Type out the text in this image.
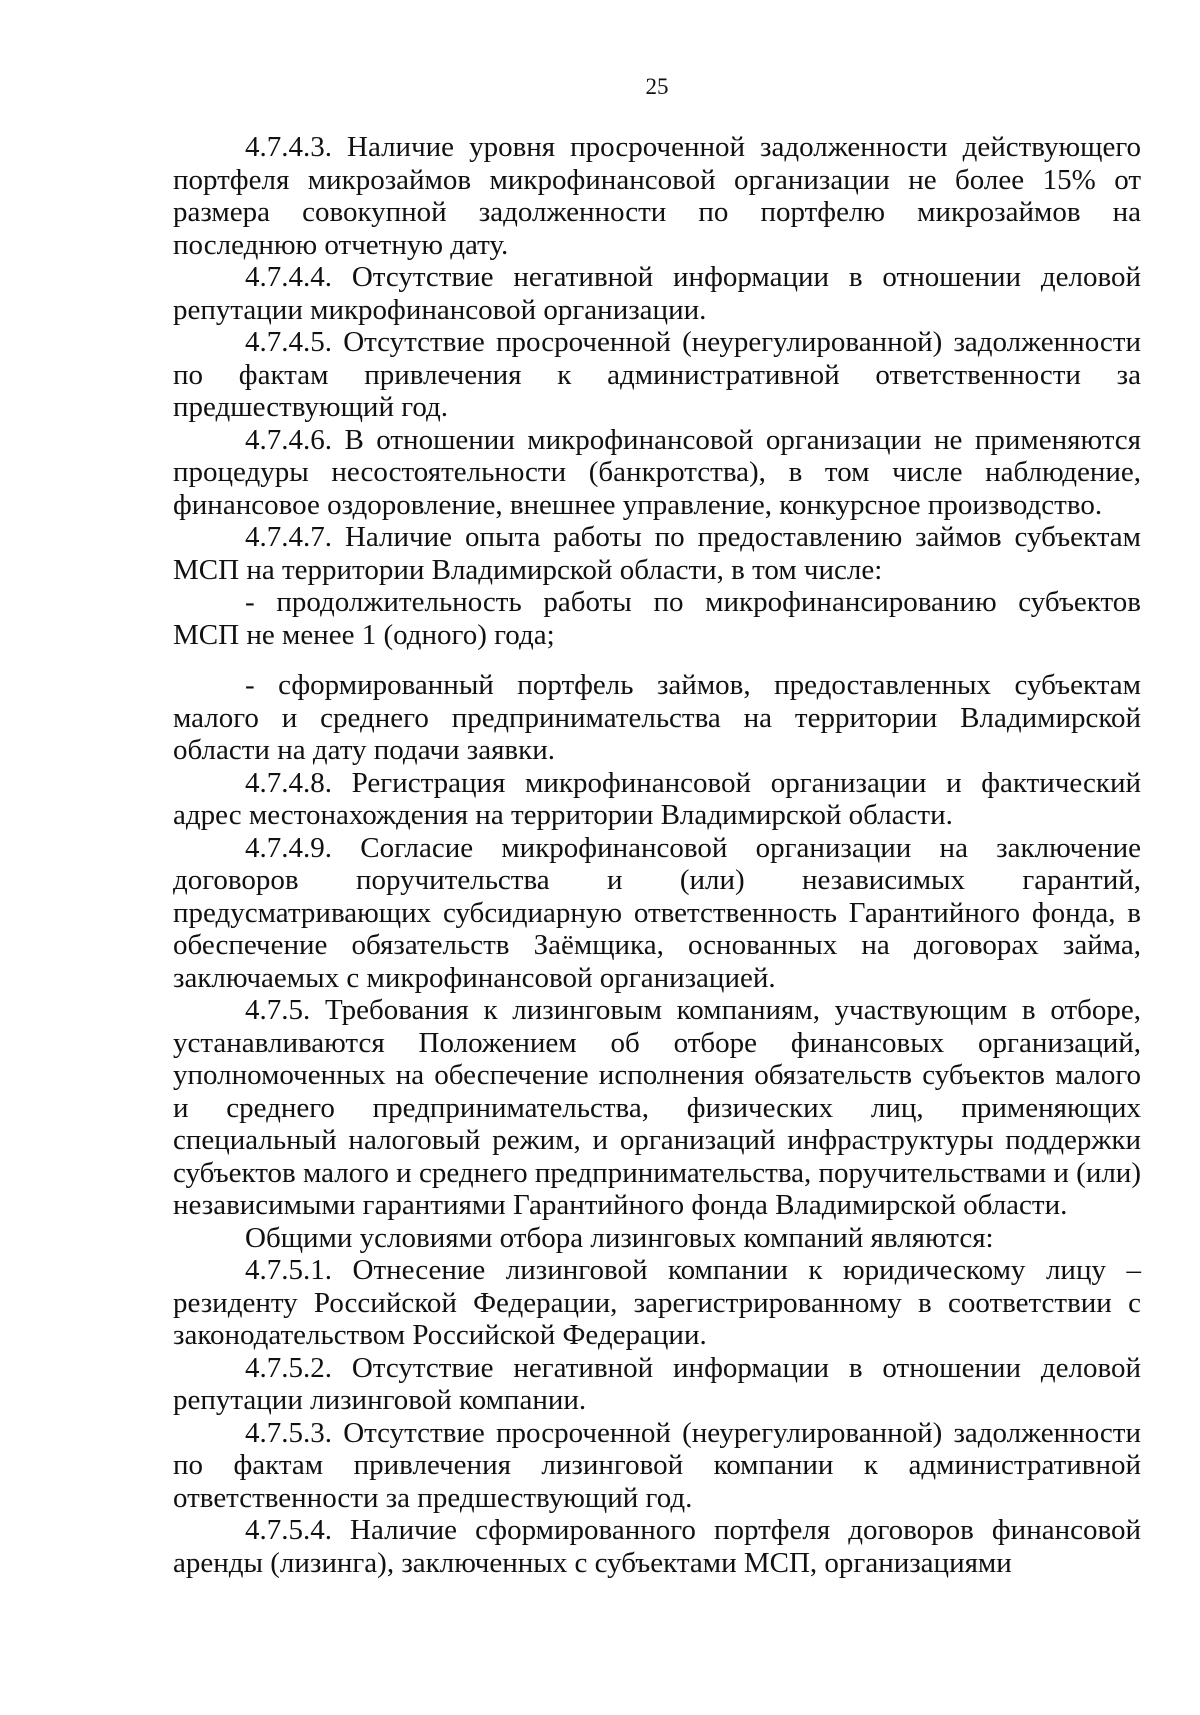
25

4.7.4.3. Наличие уровня просроченной задолженности действующего портфеля микрозаймов микрофинансовой организации не более 15% от размера совокупной задолженности по портфелю микрозаймов на последнюю отчетную дату.

4.7.4.4. Отсутствие негативной информации в отношении деловой репутации микрофинансовой организации.

4.7.4.5. Отсутствие просроченной (неурегулированной) задолженности по фактам привлечения к административной ответственности за предшествующий год.

4.7.4.6. В отношении микрофинансовой организации не применяются процедуры несостоятельности (банкротства), в том числе наблюдение, финансовое оздоровление, внешнее управление, конкурсное производство.

4.7.4.7. Наличие опыта работы по предоставлению займов субъектам МСП на территории Владимирской области, в том числе:

- продолжительность работы по микрофинансированию субъектов МСП не менее 1 (одного) года;

- сформированный портфель займов, предоставленных субъектам малого и среднего предпринимательства на территории Владимирской области на дату подачи заявки.

4.7.4.8. Регистрация микрофинансовой организации и фактический адрес местонахождения на территории Владимирской области.

4.7.4.9. Согласие микрофинансовой организации на заключение договоров поручительства и (или) независимых гарантий, предусматривающих субсидиарную ответственность Гарантийного фонда, в обеспечение обязательств Заёмщика, основанных на договорах займа, заключаемых с микрофинансовой организацией.

4.7.5. Требования к лизинговым компаниям, участвующим в отборе, устанавливаются Положением об отборе финансовых организаций, уполномоченных на обеспечение исполнения обязательств субъектов малого и среднего предпринимательства, физических лиц, применяющих специальный налоговый режим, и организаций инфраструктуры поддержки субъектов малого и среднего предпринимательства, поручительствами и (или) независимыми гарантиями Гарантийного фонда Владимирской области.

Общими условиями отбора лизинговых компаний являются:

4.7.5.1. Отнесение лизинговой компании к юридическому лицу – резиденту Российской Федерации, зарегистрированному в соответствии с законодательством Российской Федерации.

4.7.5.2. Отсутствие негативной информации в отношении деловой репутации лизинговой компании.

4.7.5.3. Отсутствие просроченной (неурегулированной) задолженности по фактам привлечения лизинговой компании к административной ответственности за предшествующий год.

4.7.5.4. Наличие сформированного портфеля договоров финансовой аренды (лизинга), заключенных с субъектами МСП, организациями
